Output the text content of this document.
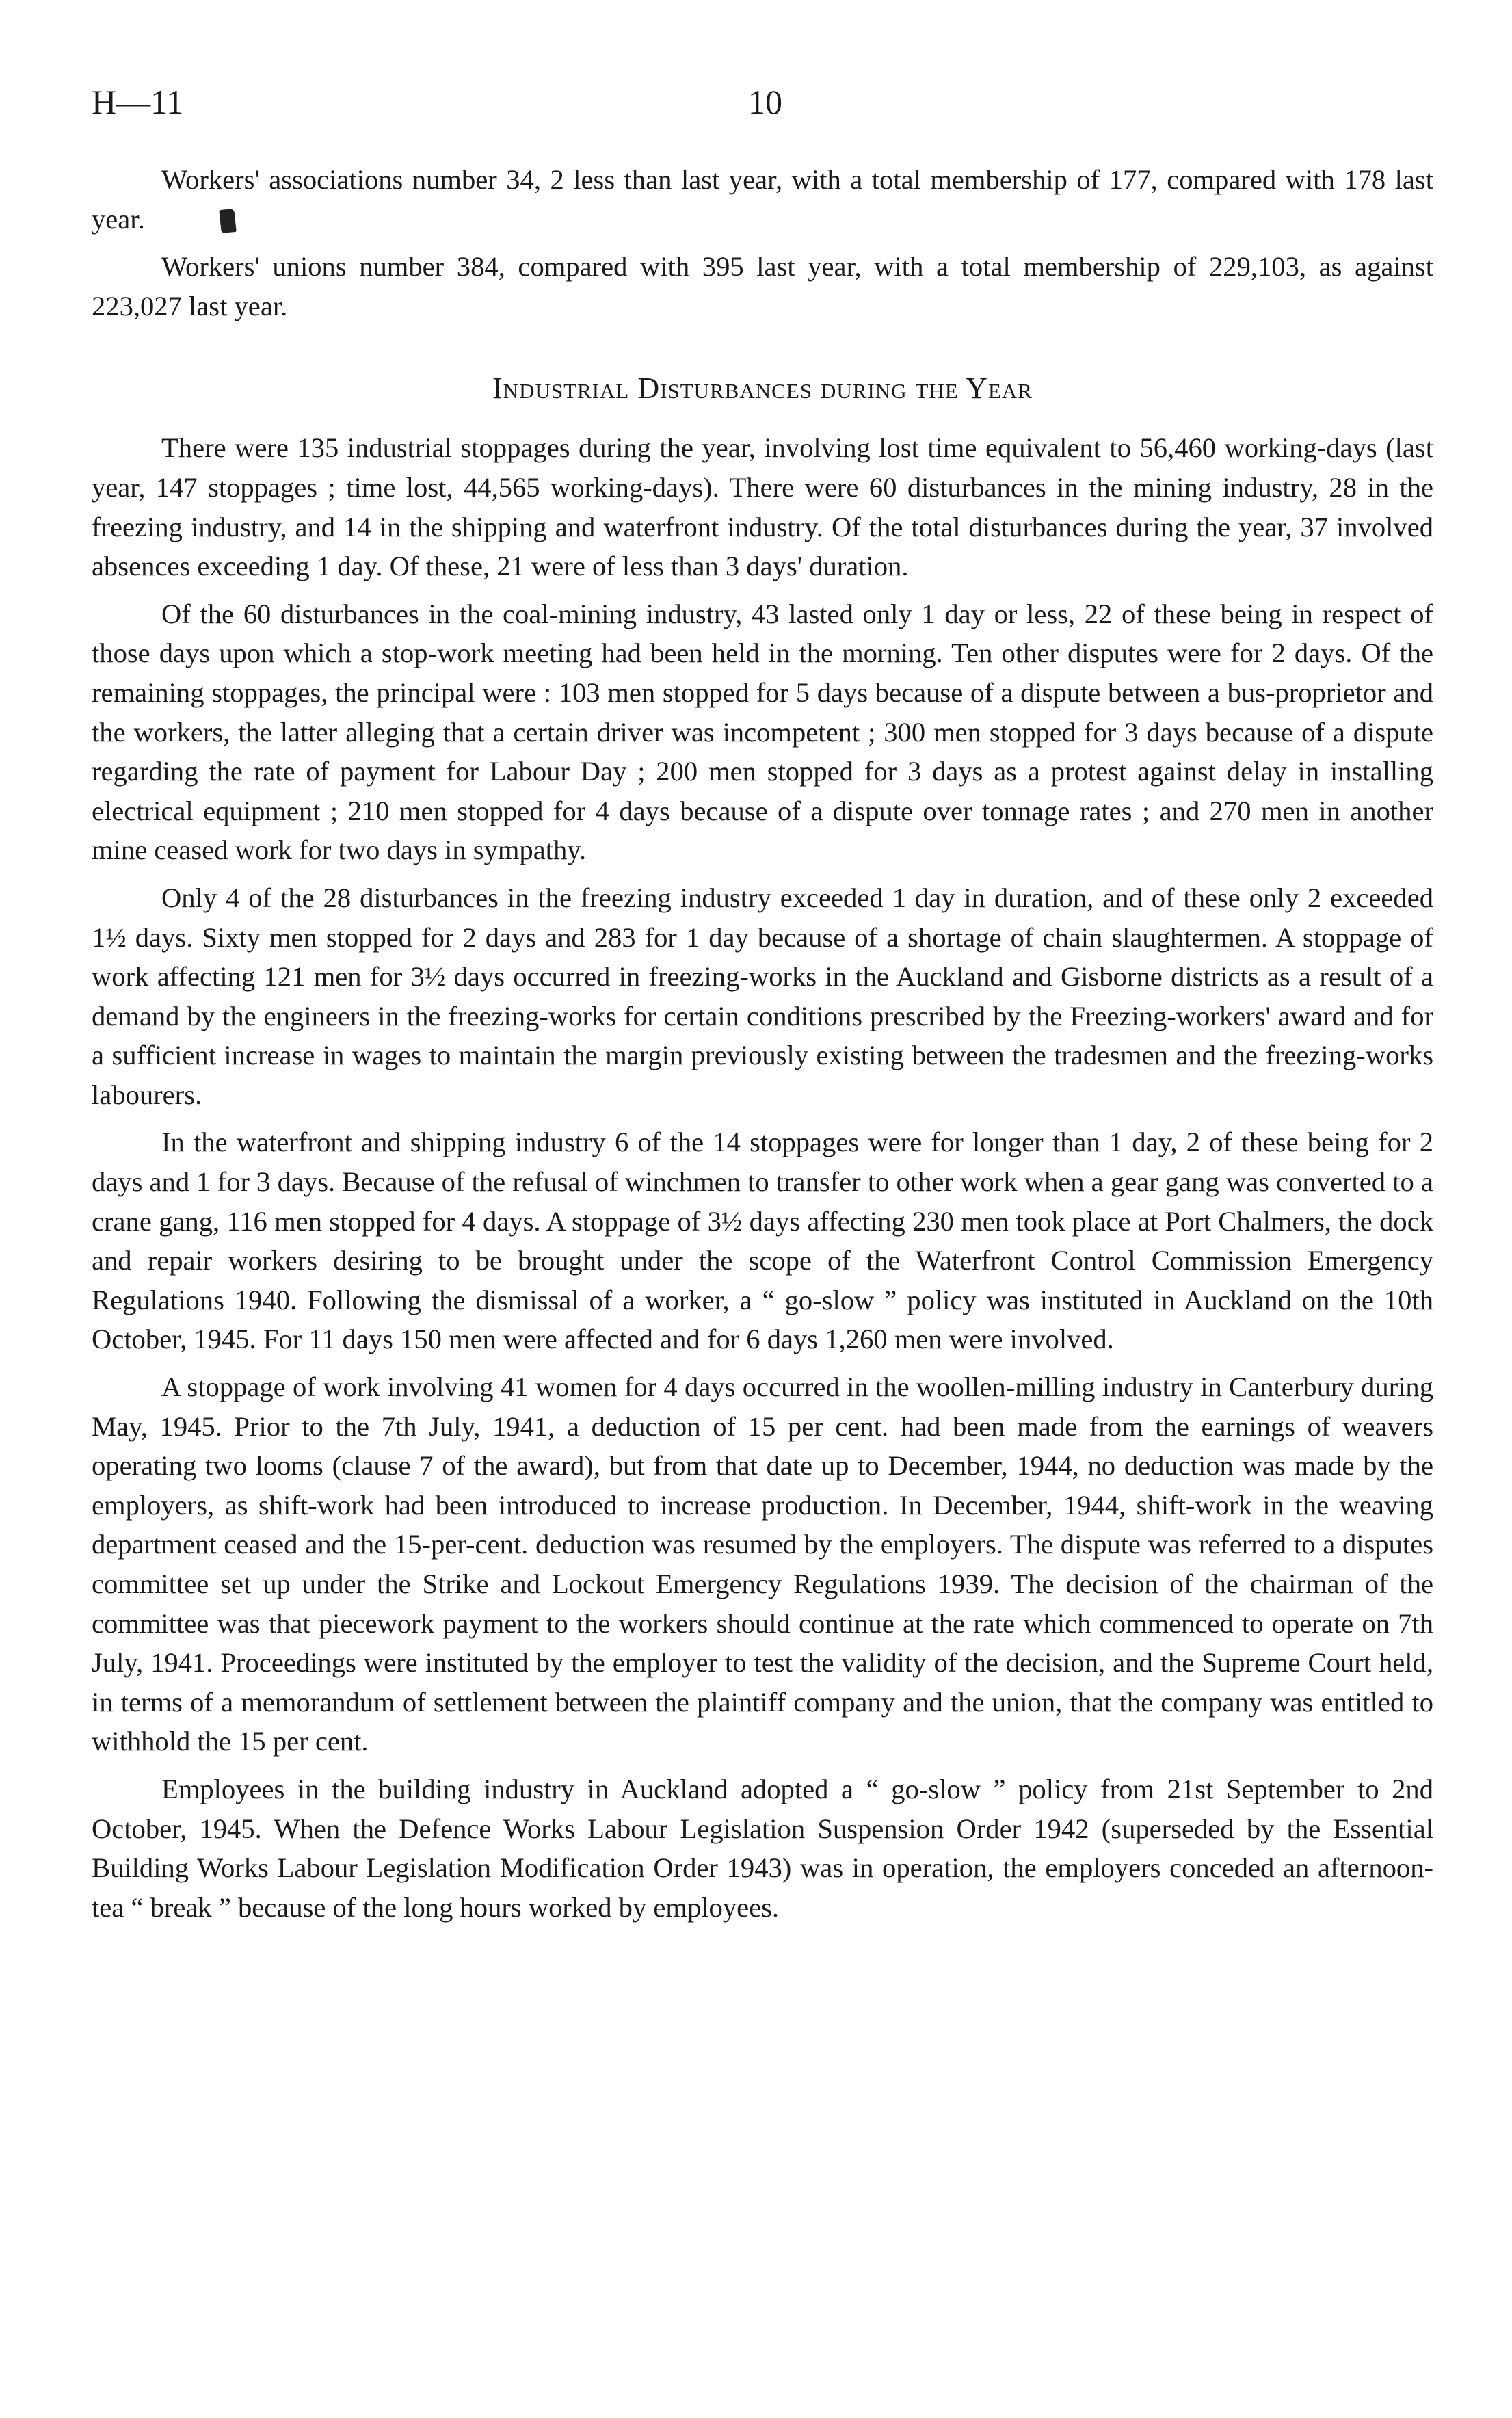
H—11	10

Workers' associations number 34, 2 less than last year, with a total membership of 177, compared with 178 last year.

Workers' unions number 384, compared with 395 last year, with a total membership of 229,103, as against 223,027 last year.

Industrial Disturbances during the Year

There were 135 industrial stoppages during the year, involving lost time equivalent to 56,460 working-days (last year, 147 stoppages ; time lost, 44,565 working-days). There were 60 disturbances in the mining industry, 28 in the freezing industry, and 14 in the shipping and waterfront industry. Of the total disturbances during the year, 37 involved absences exceeding 1 day. Of these, 21 were of less than 3 days' duration.

Of the 60 disturbances in the coal-mining industry, 43 lasted only 1 day or less, 22 of these being in respect of those days upon which a stop-work meeting had been held in the morning. Ten other disputes were for 2 days. Of the remaining stoppages, the principal were : 103 men stopped for 5 days because of a dispute between a bus-proprietor and the workers, the latter alleging that a certain driver was incompetent ; 300 men stopped for 3 days because of a dispute regarding the rate of payment for Labour Day ; 200 men stopped for 3 days as a protest against delay in installing electrical equipment ; 210 men stopped for 4 days because of a dispute over tonnage rates ; and 270 men in another mine ceased work for two days in sympathy.

Only 4 of the 28 disturbances in the freezing industry exceeded 1 day in duration, and of these only 2 exceeded 1½ days. Sixty men stopped for 2 days and 283 for 1 day because of a shortage of chain slaughtermen. A stoppage of work affecting 121 men for 3½ days occurred in freezing-works in the Auckland and Gisborne districts as a result of a demand by the engineers in the freezing-works for certain conditions prescribed by the Freezing-workers' award and for a sufficient increase in wages to maintain the margin previously existing between the tradesmen and the freezing-works labourers.

In the waterfront and shipping industry 6 of the 14 stoppages were for longer than 1 day, 2 of these being for 2 days and 1 for 3 days. Because of the refusal of winchmen to transfer to other work when a gear gang was converted to a crane gang, 116 men stopped for 4 days. A stoppage of 3½ days affecting 230 men took place at Port Chalmers, the dock and repair workers desiring to be brought under the scope of the Waterfront Control Commission Emergency Regulations 1940. Following the dismissal of a worker, a “ go-slow ” policy was instituted in Auckland on the 10th October, 1945. For 11 days 150 men were affected and for 6 days 1,260 men were involved.

A stoppage of work involving 41 women for 4 days occurred in the woollen-milling industry in Canterbury during May, 1945. Prior to the 7th July, 1941, a deduction of 15 per cent. had been made from the earnings of weavers operating two looms (clause 7 of the award), but from that date up to December, 1944, no deduction was made by the employers, as shift-work had been introduced to increase production. In December, 1944, shift-work in the weaving department ceased and the 15-per-cent. deduction was resumed by the employers. The dispute was referred to a disputes committee set up under the Strike and Lockout Emergency Regulations 1939. The decision of the chairman of the committee was that piecework payment to the workers should continue at the rate which commenced to operate on 7th July, 1941. Proceedings were instituted by the employer to test the validity of the decision, and the Supreme Court held, in terms of a memorandum of settlement between the plaintiff company and the union, that the company was entitled to withhold the 15 per cent.

Employees in the building industry in Auckland adopted a “ go-slow ” policy from 21st September to 2nd October, 1945. When the Defence Works Labour Legislation Suspension Order 1942 (superseded by the Essential Building Works Labour Legislation Modification Order 1943) was in operation, the employers conceded an afternoon-tea “ break ” because of the long hours worked by employees.
